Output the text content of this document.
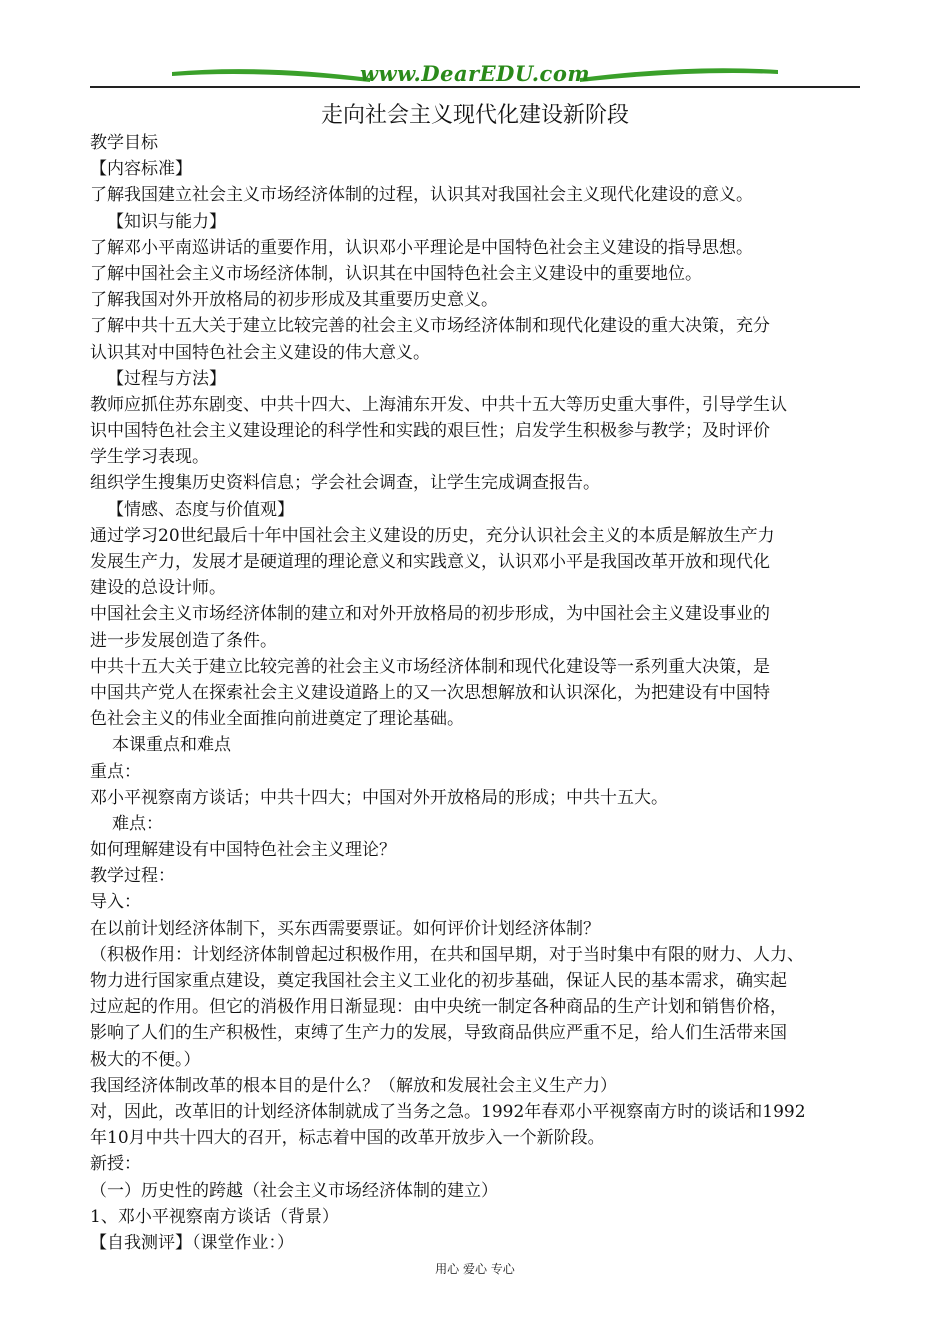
www.DearEDU.com
走向社会主义现代化建设新阶段
教学目标
【内容标准】
了解我国建立社会主义市场经济体制的过程，认识其对我国社会主义现代化建设的意义。
【知识与能力】
了解邓小平南巡讲话的重要作用，认识邓小平理论是中国特色社会主义建设的指导思想。
了解中国社会主义市场经济体制，认识其在中国特色社会主义建设中的重要地位。
了解我国对外开放格局的初步形成及其重要历史意义。
了解中共十五大关于建立比较完善的社会主义市场经济体制和现代化建设的重大决策，充分
认识其对中国特色社会主义建设的伟大意义。
【过程与方法】
教师应抓住苏东剧变、中共十四大、上海浦东开发、中共十五大等历史重大事件，引导学生认
识中国特色社会主义建设理论的科学性和实践的艰巨性；启发学生积极参与教学；及时评价
学生学习表现。
组织学生搜集历史资料信息；学会社会调查，让学生完成调查报告。
【情感、态度与价值观】
通过学习20世纪最后十年中国社会主义建设的历史，充分认识社会主义的本质是解放生产力
发展生产力，发展才是硬道理的理论意义和实践意义，认识邓小平是我国改革开放和现代化
建设的总设计师。
中国社会主义市场经济体制的建立和对外开放格局的初步形成，为中国社会主义建设事业的
进一步发展创造了条件。
中共十五大关于建立比较完善的社会主义市场经济体制和现代化建设等一系列重大决策，是
中国共产党人在探索社会主义建设道路上的又一次思想解放和认识深化，为把建设有中国特
色社会主义的伟业全面推向前进奠定了理论基础。
本课重点和难点
重点：
邓小平视察南方谈话；中共十四大；中国对外开放格局的形成；中共十五大。
难点：
如何理解建设有中国特色社会主义理论？
教学过程：
导入：
在以前计划经济体制下，买东西需要票证。如何评价计划经济体制？
（积极作用：计划经济体制曾起过积极作用，在共和国早期，对于当时集中有限的财力、人力、
物力进行国家重点建设，奠定我国社会主义工业化的初步基础，保证人民的基本需求，确实起
过应起的作用。但它的消极作用日渐显现：由中央统一制定各种商品的生产计划和销售价格，
影响了人们的生产积极性，束缚了生产力的发展，导致商品供应严重不足，给人们生活带来国
极大的不便。）
我国经济体制改革的根本目的是什么？（解放和发展社会主义生产力）
对，因此，改革旧的计划经济体制就成了当务之急。1992年春邓小平视察南方时的谈话和1992
年10月中共十四大的召开，标志着中国的改革开放步入一个新阶段。
新授：
（一）历史性的跨越（社会主义市场经济体制的建立）
1、邓小平视察南方谈话（背景）
【自我测评】（课堂作业：）
用心 爱心 专心
